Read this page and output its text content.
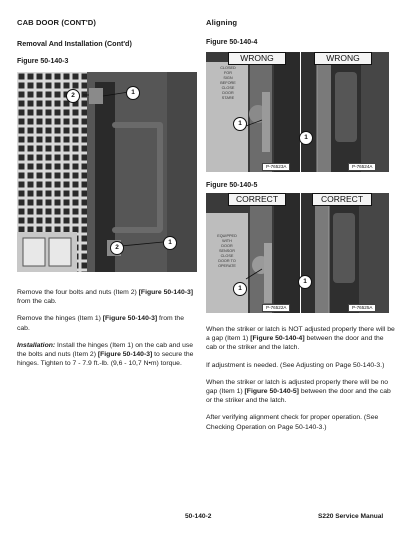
CAB DOOR (CONT'D)
Removal And Installation (Cont'd)
Figure 50-140-3
2	1
2
1

Remove the four bolts and nuts (Item 2) [Figure 50-140-3] from the cab.

Remove the hinges (Item 1) [Figure 50-140-3] from the cab.

Installation: Install the hinges (Item 1) on the cab and use the bolts and nuts (Item 2) [Figure 50-140-3] to secure the hinges. Tighten to 7 - 7.9 ft.-lb. (9,6 - 10,7 N•m) torque.

Aligning
Figure 50-140-4
CLOSED
FOR
SIGN
BEFORE
CLOSE
DOOR
STARE
WRONG
P-76523A
1
WRONG
P-76524A
1
Figure 50-140-5
EQUIPPED
WITH
DOOR
SENSOR
CLOSE
DOOR TO
OPERATE
CORRECT
P-76522A
1
CORRECT
P-76525A
1

When the striker or latch is NOT adjusted properly there will be a gap (Item 1) [Figure 50-140-4] between the door and the cab or the striker and the latch.

If adjustment is needed. (See Adjusting on Page 50-140-3.)

When the striker or latch is adjusted properly there will be no gap (Item 1) [Figure 50-140-5] between the door and the cab or the striker and the latch.

After verifying alignment check for proper operation. (See Checking Operation on Page 50-140-3.)

50-140-2	S220 Service Manual
